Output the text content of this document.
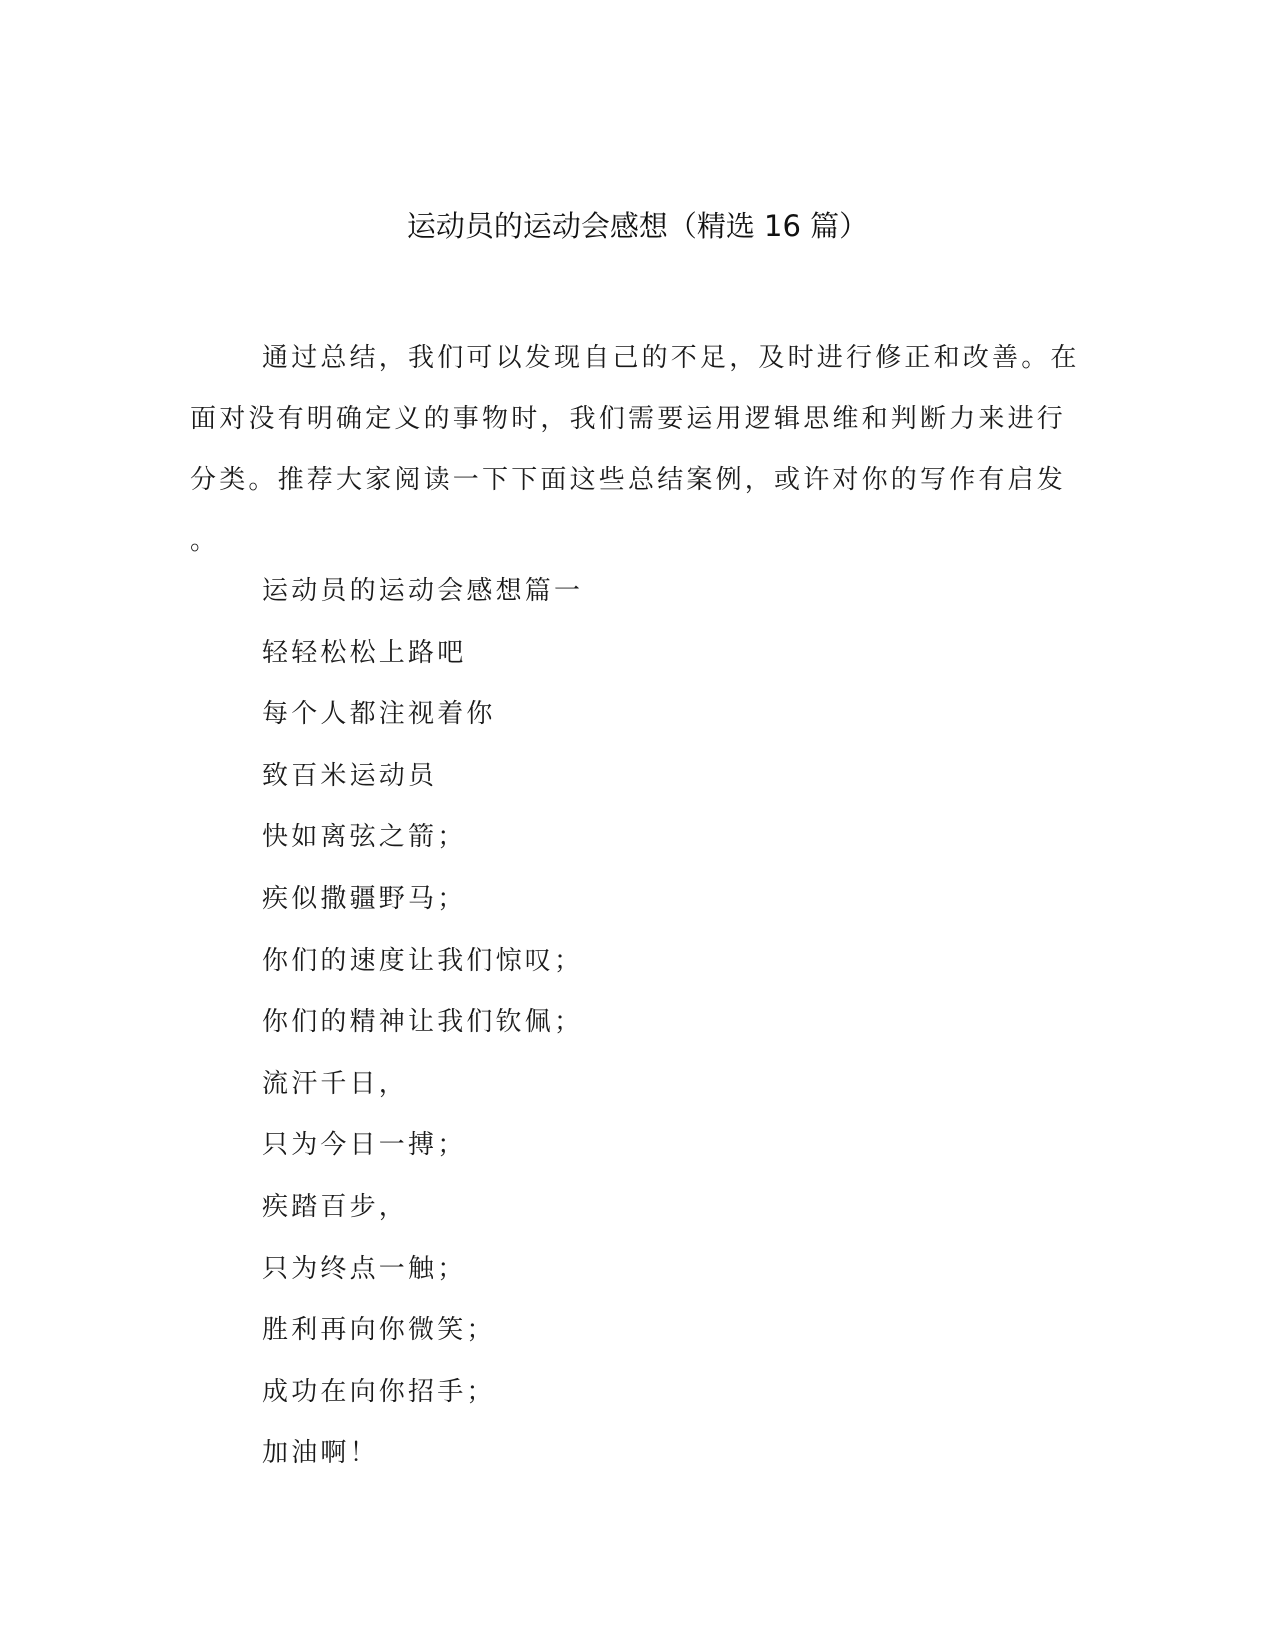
运动员的运动会感想（精选 16 篇）
通过总结，我们可以发现自己的不足，及时进行修正和改善。在
面对没有明确定义的事物时，我们需要运用逻辑思维和判断力来进行
分类。推荐大家阅读一下下面这些总结案例，或许对你的写作有启发
。
运动员的运动会感想篇一
轻轻松松上路吧
每个人都注视着你
致百米运动员
快如离弦之箭；
疾似撒疆野马；
你们的速度让我们惊叹；
你们的精神让我们钦佩；
流汗千日，
只为今日一搏；
疾踏百步，
只为终点一触；
胜利再向你微笑；
成功在向你招手；
加油啊！
